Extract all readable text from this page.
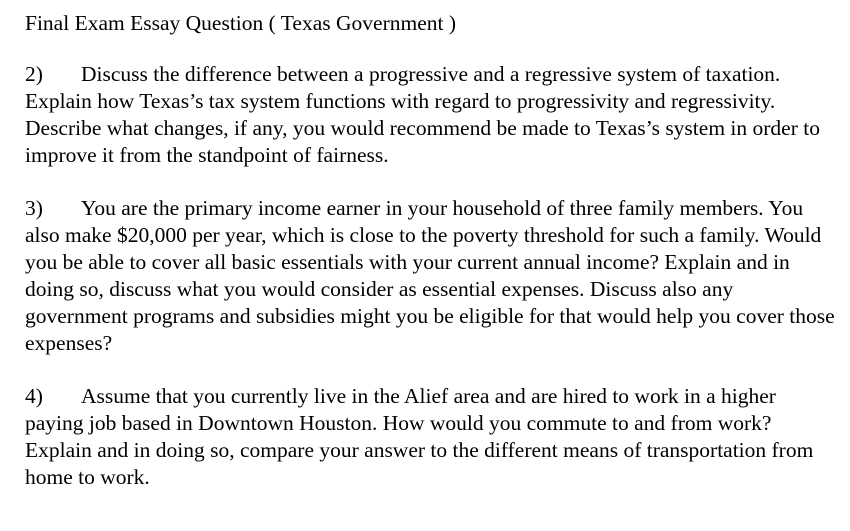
Final Exam Essay Question ( Texas Government )

2) Discuss the difference between a progressive and a regressive system of taxation. Explain how Texas’s tax system functions with regard to progressivity and regressivity. Describe what changes, if any, you would recommend be made to Texas’s system in order to improve it from the standpoint of fairness.

3) You are the primary income earner in your household of three family members. You also make $20,000 per year, which is close to the poverty threshold for such a family. Would you be able to cover all basic essentials with your current annual income? Explain and in doing so, discuss what you would consider as essential expenses. Discuss also any government programs and subsidies might you be eligible for that would help you cover those expenses?

4) Assume that you currently live in the Alief area and are hired to work in a higher paying job based in Downtown Houston. How would you commute to and from work? Explain and in doing so, compare your answer to the different means of transportation from home to work.
